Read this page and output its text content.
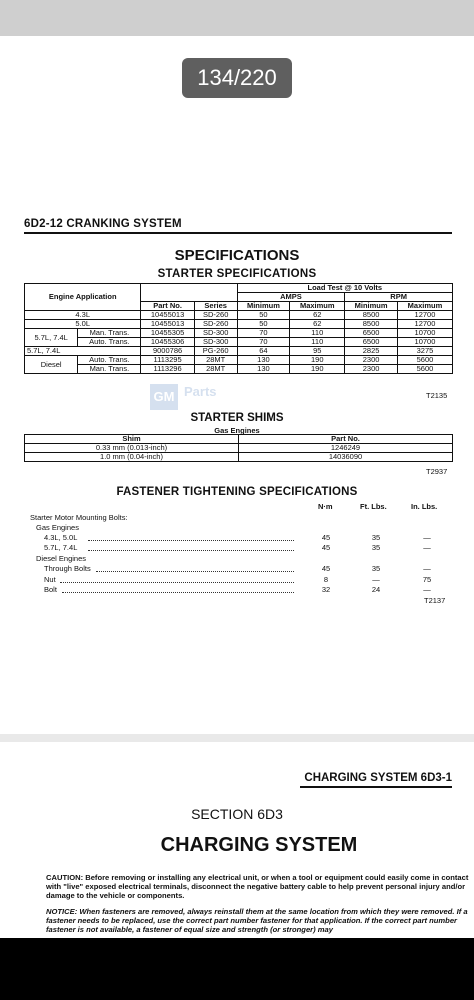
134/220
6D2-12 CRANKING SYSTEM
SPECIFICATIONS
STARTER SPECIFICATIONS
Engine Application				Load Test @ 10 Volts			
				AMPS		RPM	
		Part No.	Series	Minimum	Maximum	Minimum	Maximum
4.3L		10455013	SD-260	50	62	8500	12700
5.0L		10455013	SD-260	50	62	8500	12700
5.7L, 7.4L	Man. Trans.	10455305	SD-300	70	110	6500	10700
	Auto. Trans.	10455306	SD-300	70	110	6500	10700
5.7L, 7.4L		9000786	PG-260	64	95	2825	3275
Diesel	Auto. Trans.	1113295	28MT	130	190	2300	5600
	Man. Trans.	1113296	28MT	130	190	2300	5600
T2135
GM Parts
STARTER SHIMS
Gas Engines
Shim	Part No.
0.33 mm (0.013-inch)	1246249
1.0 mm (0.04-inch)	14036090
T2937
FASTENER TIGHTENING SPECIFICATIONS
N·m	Ft. Lbs.	In. Lbs.
Starter Motor Mounting Bolts:
Gas Engines
4.3L, 5.0L	45	35	—
5.7L, 7.4L	45	35	—
Diesel Engines
Through Bolts	45	35	—
Nut	8	—	75
Bolt	32	24	—
T2137
CHARGING SYSTEM 6D3-1
SECTION 6D3
CHARGING SYSTEM
CAUTION: Before removing or installing any electrical unit, or when a tool or equipment could easily come in contact with "live" exposed electrical terminals, disconnect the negative battery cable to help prevent personal injury and/or damage to the vehicle or components.
NOTICE: When fasteners are removed, always reinstall them at the same location from which they were removed. If a fastener needs to be replaced, use the correct part number fastener for that application. If the correct part number fastener is not available, a fastener of equal size and strength (or stronger) may
